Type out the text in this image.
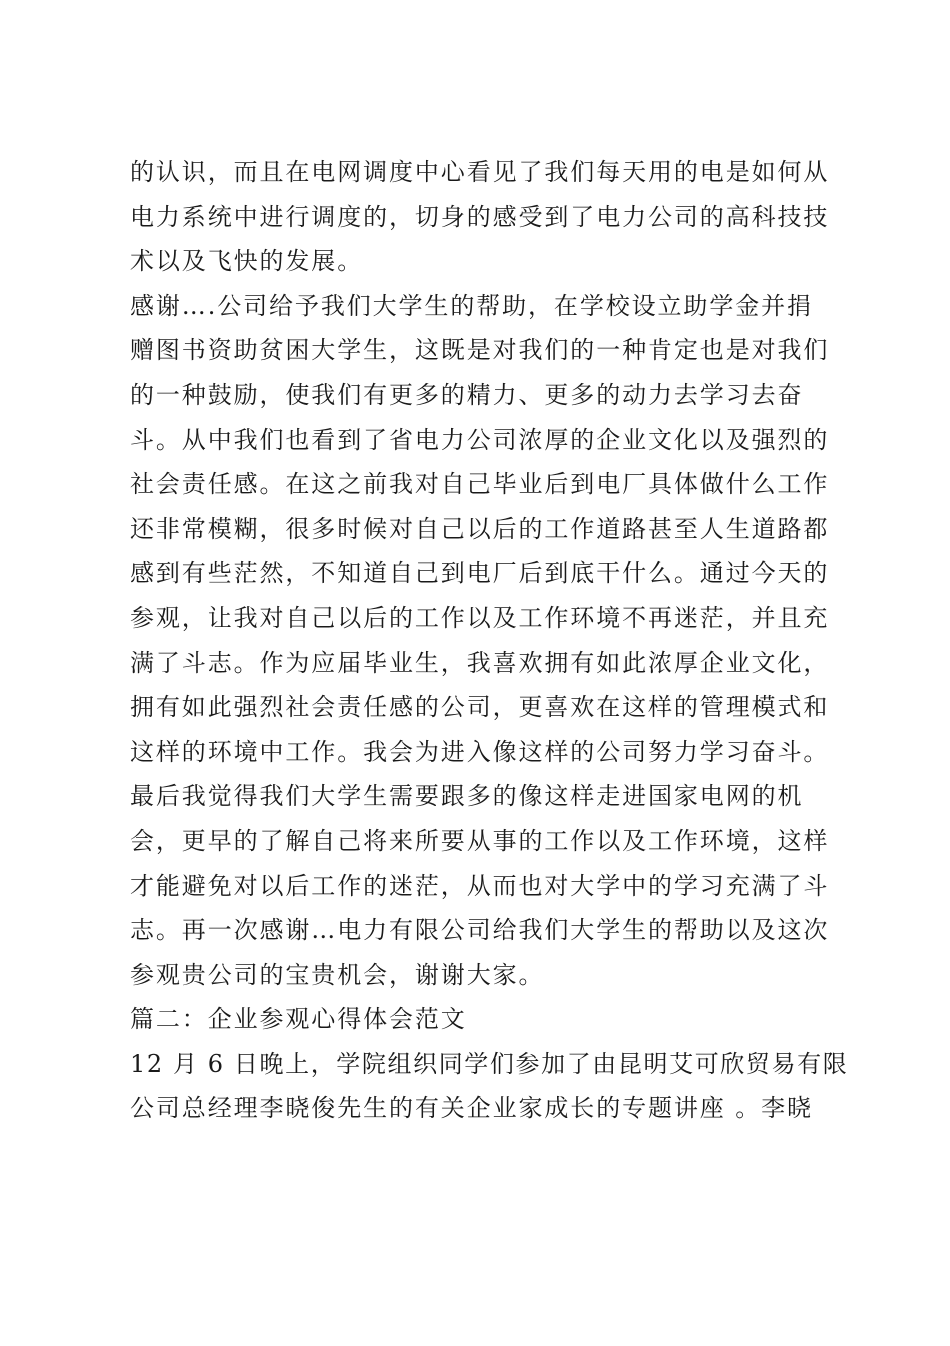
的认识，而且在电网调度中心看见了我们每天用的电是如何从

电力系统中进行调度的，切身的感受到了电力公司的高科技技

术以及飞快的发展。

感谢….公司给予我们大学生的帮助，在学校设立助学金并捐

赠图书资助贫困大学生，这既是对我们的一种肯定也是对我们

的一种鼓励，使我们有更多的精力、更多的动力去学习去奋

斗。从中我们也看到了省电力公司浓厚的企业文化以及强烈的

社会责任感。在这之前我对自己毕业后到电厂具体做什么工作

还非常模糊，很多时候对自己以后的工作道路甚至人生道路都

感到有些茫然，不知道自己到电厂后到底干什么。通过今天的

参观，让我对自己以后的工作以及工作环境不再迷茫，并且充

满了斗志。作为应届毕业生，我喜欢拥有如此浓厚企业文化，

拥有如此强烈社会责任感的公司，更喜欢在这样的管理模式和

这样的环境中工作。我会为进入像这样的公司努力学习奋斗。

最后我觉得我们大学生需要跟多的像这样走进国家电网的机

会，更早的了解自己将来所要从事的工作以及工作环境，这样

才能避免对以后工作的迷茫，从而也对大学中的学习充满了斗

志。再一次感谢…电力有限公司给我们大学生的帮助以及这次

参观贵公司的宝贵机会，谢谢大家。

篇二：企业参观心得体会范文

12 月 6 日晚上，学院组织同学们参加了由昆明艾可欣贸易有限

公司总经理李晓俊先生的有关企业家成长的专题讲座 。李晓
